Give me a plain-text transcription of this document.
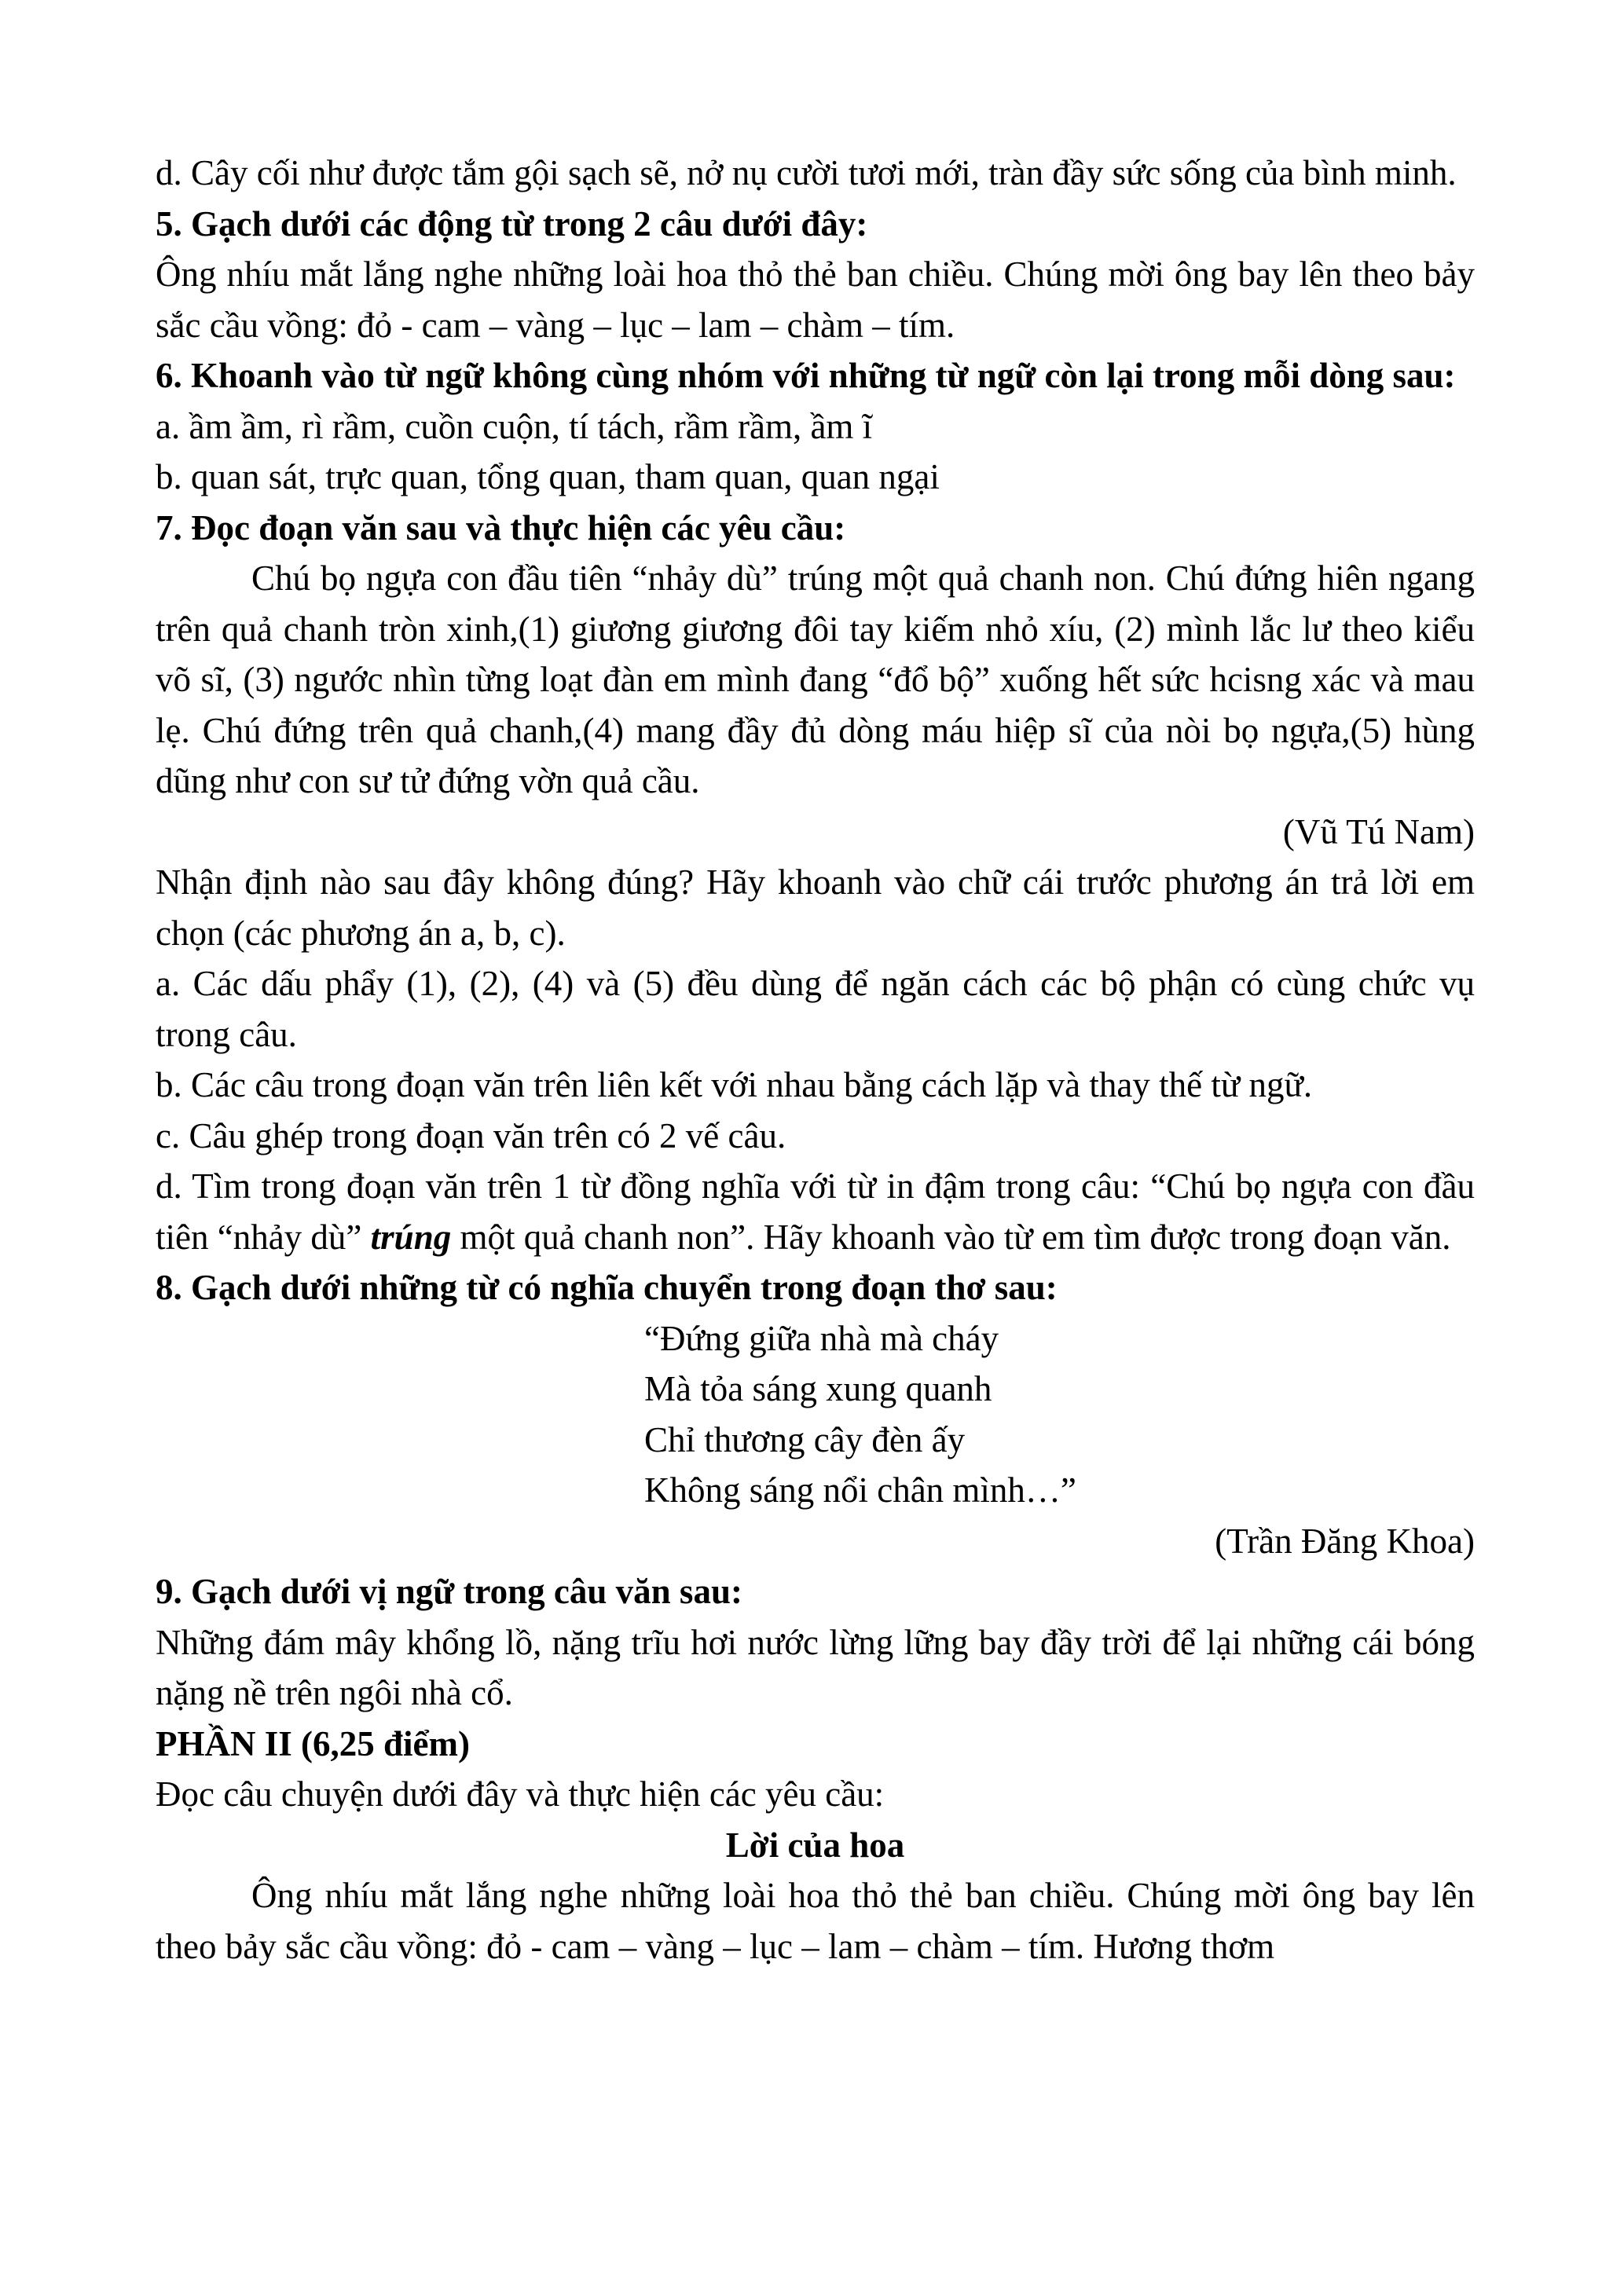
d. Cây cối như được tắm gội sạch sẽ, nở nụ cười tươi mới, tràn đầy sức sống của bình minh.

5. Gạch dưới các động từ trong 2 câu dưới đây:

Ông nhíu mắt lắng nghe những loài hoa thỏ thẻ ban chiều. Chúng mời ông bay lên theo bảy sắc cầu vồng: đỏ - cam – vàng – lục – lam – chàm – tím.

6. Khoanh vào từ ngữ không cùng nhóm với những từ ngữ còn lại trong mỗi dòng sau:

a. ầm ầm, rì rầm, cuồn cuộn, tí tách, rầm rầm, ầm ĩ

b. quan sát, trực quan, tổng quan, tham quan, quan ngại

7. Đọc đoạn văn sau và thực hiện các yêu cầu:

Chú bọ ngựa con đầu tiên “nhảy dù” trúng một quả chanh non. Chú đứng hiên ngang trên quả chanh tròn xinh,(1) giương giương đôi tay kiếm nhỏ xíu, (2) mình lắc lư theo kiểu võ sĩ, (3) ngước nhìn từng loạt đàn em mình đang “đổ bộ” xuống hết sức hcisng xác và mau lẹ. Chú đứng trên quả chanh,(4) mang đầy đủ dòng máu hiệp sĩ của nòi bọ ngựa,(5) hùng dũng như con sư tử đứng vờn quả cầu.

(Vũ Tú Nam)

Nhận định nào sau đây không đúng? Hãy khoanh vào chữ cái trước phương án trả lời em chọn (các phương án a, b, c).

a. Các dấu phẩy (1), (2), (4) và (5) đều dùng để ngăn cách các bộ phận có cùng chức vụ trong câu.

b. Các câu trong đoạn văn trên liên kết với nhau bằng cách lặp và thay thế từ ngữ.

c. Câu ghép trong đoạn văn trên có 2 vế câu.

d. Tìm trong đoạn văn trên 1 từ đồng nghĩa với từ in đậm trong câu: “Chú bọ ngựa con đầu tiên “nhảy dù” trúng một quả chanh non”. Hãy khoanh vào từ em tìm được trong đoạn văn.

8. Gạch dưới những từ có nghĩa chuyển trong đoạn thơ sau:

“Đứng giữa nhà mà cháy
Mà tỏa sáng xung quanh
Chỉ thương cây đèn ấy
Không sáng nổi chân mình…”

(Trần Đăng Khoa)

9. Gạch dưới vị ngữ trong câu văn sau:

Những đám mây khổng lồ, nặng trĩu hơi nước lừng lững bay đầy trời để lại những cái bóng nặng nề trên ngôi nhà cổ.

PHẦN II (6,25 điểm)

Đọc câu chuyện dưới đây và thực hiện các yêu cầu:

Lời của hoa

Ông nhíu mắt lắng nghe những loài hoa thỏ thẻ ban chiều. Chúng mời ông bay lên theo bảy sắc cầu vồng: đỏ - cam – vàng – lục – lam – chàm – tím. Hương thơm
